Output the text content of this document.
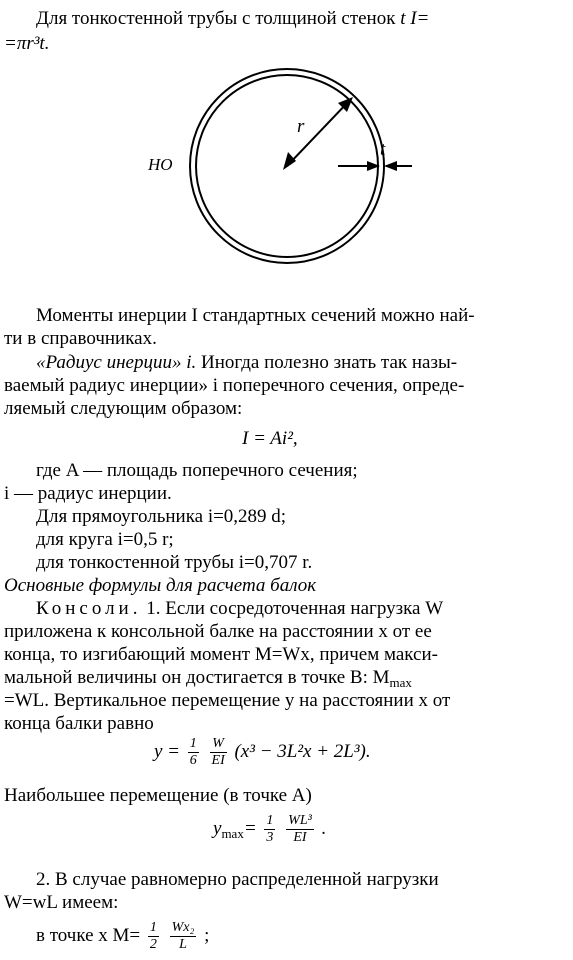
Для тонкостенной трубы с толщиной стенок t I=
=πr³t.
r
t
НО
Моменты инерции I стандартных сечений можно най-
ти в справочниках.
«Радиус инерции» i. Иногда полезно знать так назы-
ваемый радиус инерции» i поперечного сечения, опреде-
ляемый следующим образом:
I = Ai²,
где A — площадь поперечного сечения;
i — радиус инерции.
Для прямоугольника i=0,289 d;
для круга i=0,5 r;
для тонкостенной трубы i=0,707 r.
Основные формулы для расчета балок
Консоли. 1. Если сосредоточенная нагрузка W
приложена к консольной балке на расстоянии x от ее
конца, то изгибающий момент M=Wx, причем макси-
мальной величины он достигается в точке B: $M_{max}$
=WL. Вертикальное перемещение y на расстоянии x от
конца балки равно
$y = \frac{1}{6}$
$\frac{W}{EI} (x^3 - 3L^2x + 2L^3)$.
Наибольшее перемещение (в точке A)
$y_{max}= \frac{1}{3}$
$\frac{\text{WL³}}{EI}$ .
2. В случае равномерно распределенной нагрузки
W=wL имеем:
в точке x $M= \frac{1}{2}$
$\frac{\text{Wx₂}}{L}$ ;
